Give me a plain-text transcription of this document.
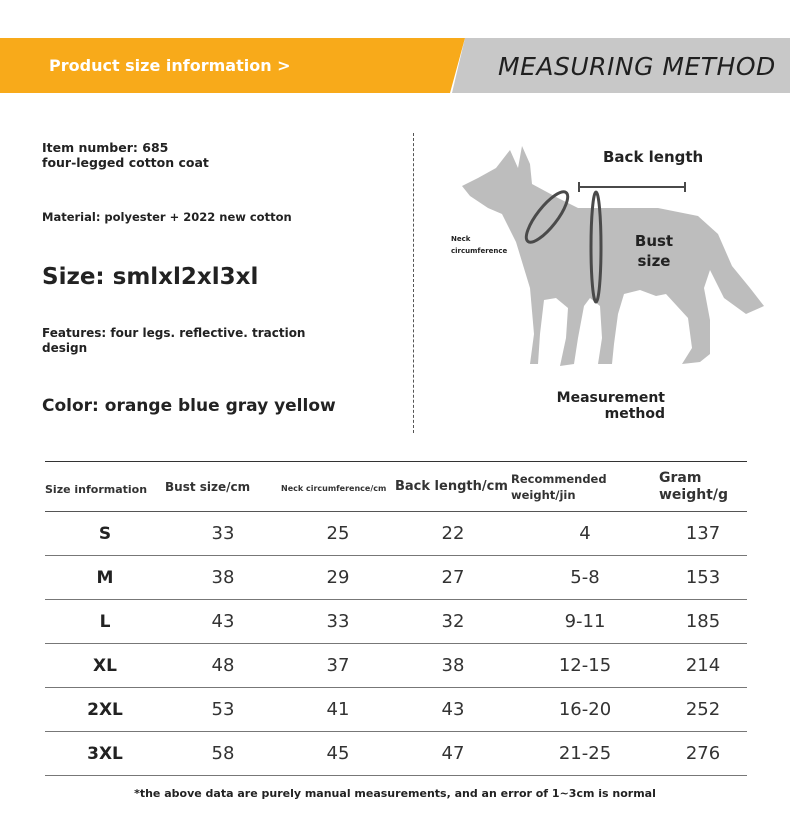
Product size information >	MEASURING METHOD
Item number: 685
four-legged cotton coat
Material: polyester + 2022 new cotton
Size: smlxl2xl3xl
Features: four legs. reflective. traction design
Color: orange blue gray yellow
Back length
Neck circumference
Bust size
Measurement method
Size information	Bust size/cm	Neck circumference/cm	Back length/cm	Recommended weight/jin	Gram weight/g
S	33	25	22	4	137
M	38	29	27	5-8	153
L	43	33	32	9-11	185
XL	48	37	38	12-15	214
2XL	53	41	43	16-20	252
3XL	58	45	47	21-25	276
*the above data are purely manual measurements, and an error of 1~3cm is normal
